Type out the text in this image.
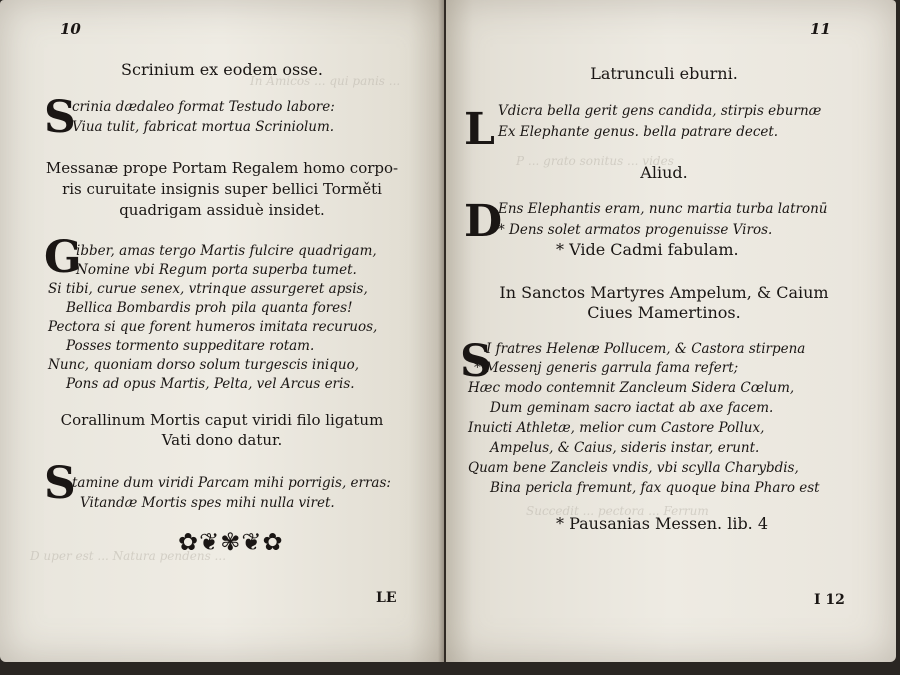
In Amicos ... qui panis ...
D uper est ... Natura pendens ...
10
Scrinium ex eodem osse.
S
crinia dædaleo format Testudo labore:
Viua tulit, fabricat mortua Scriniolum.
Messanæ prope Portam Regalem homo corpo-
ris curuitate insignis super bellici Torměti
quadrigam assiduè insidet.
G
ibber, amas tergo Martis fulcire quadrigam,
Nomine vbi Regum porta superba tumet.
Si tibi, curue senex, vtrinque assurgeret apsis,
Bellica Bombardis proh pila quanta fores!
Pectora si que forent humeros imitata recuruos,
Posses tormento suppeditare rotam.
Nunc, quoniam dorso solum turgescis iniquo,
Pons ad opus Martis, Pelta, vel Arcus eris.
Corallinum Mortis caput viridi filo ligatum
Vati dono datur.
S
tamine dum viridi Parcam mihi porrigis, erras:
Vitandæ Mortis spes mihi nulla viret.
✿❦✾❦✿
LE
P ... grato sonitus ... vides
Succedit ... pectora ... Ferrum
11
Latrunculi eburni.
L Vdicra bella gerit gens candida, stirpis eburnæ
Ex Elephante genus. bella patrare decet.
Aliud.
D
Ens Elephantis eram, nunc martia turba latronū
* Dens solet armatos progenuisse Viros.
* Vide Cadmi fabulam.
In Sanctos Martyres Ampelum, & Caium
Ciues Mamertinos.
S
I fratres Helenæ Pollucem, & Castora stirpena
* Messenj generis garrula fama refert;
Hæc modo contemnit Zancleum Sidera Cœlum,
Dum geminam sacro iactat ab axe facem.
Inuicti Athletæ, melior cum Castore Pollux,
Ampelus, & Caius, sideris instar, erunt.
Quam bene Zancleis vndis, vbi scylla Charybdis,
Bina pericla fremunt, fax quoque bina Pharo est
* Pausanias Messen. lib. 4
I 12
